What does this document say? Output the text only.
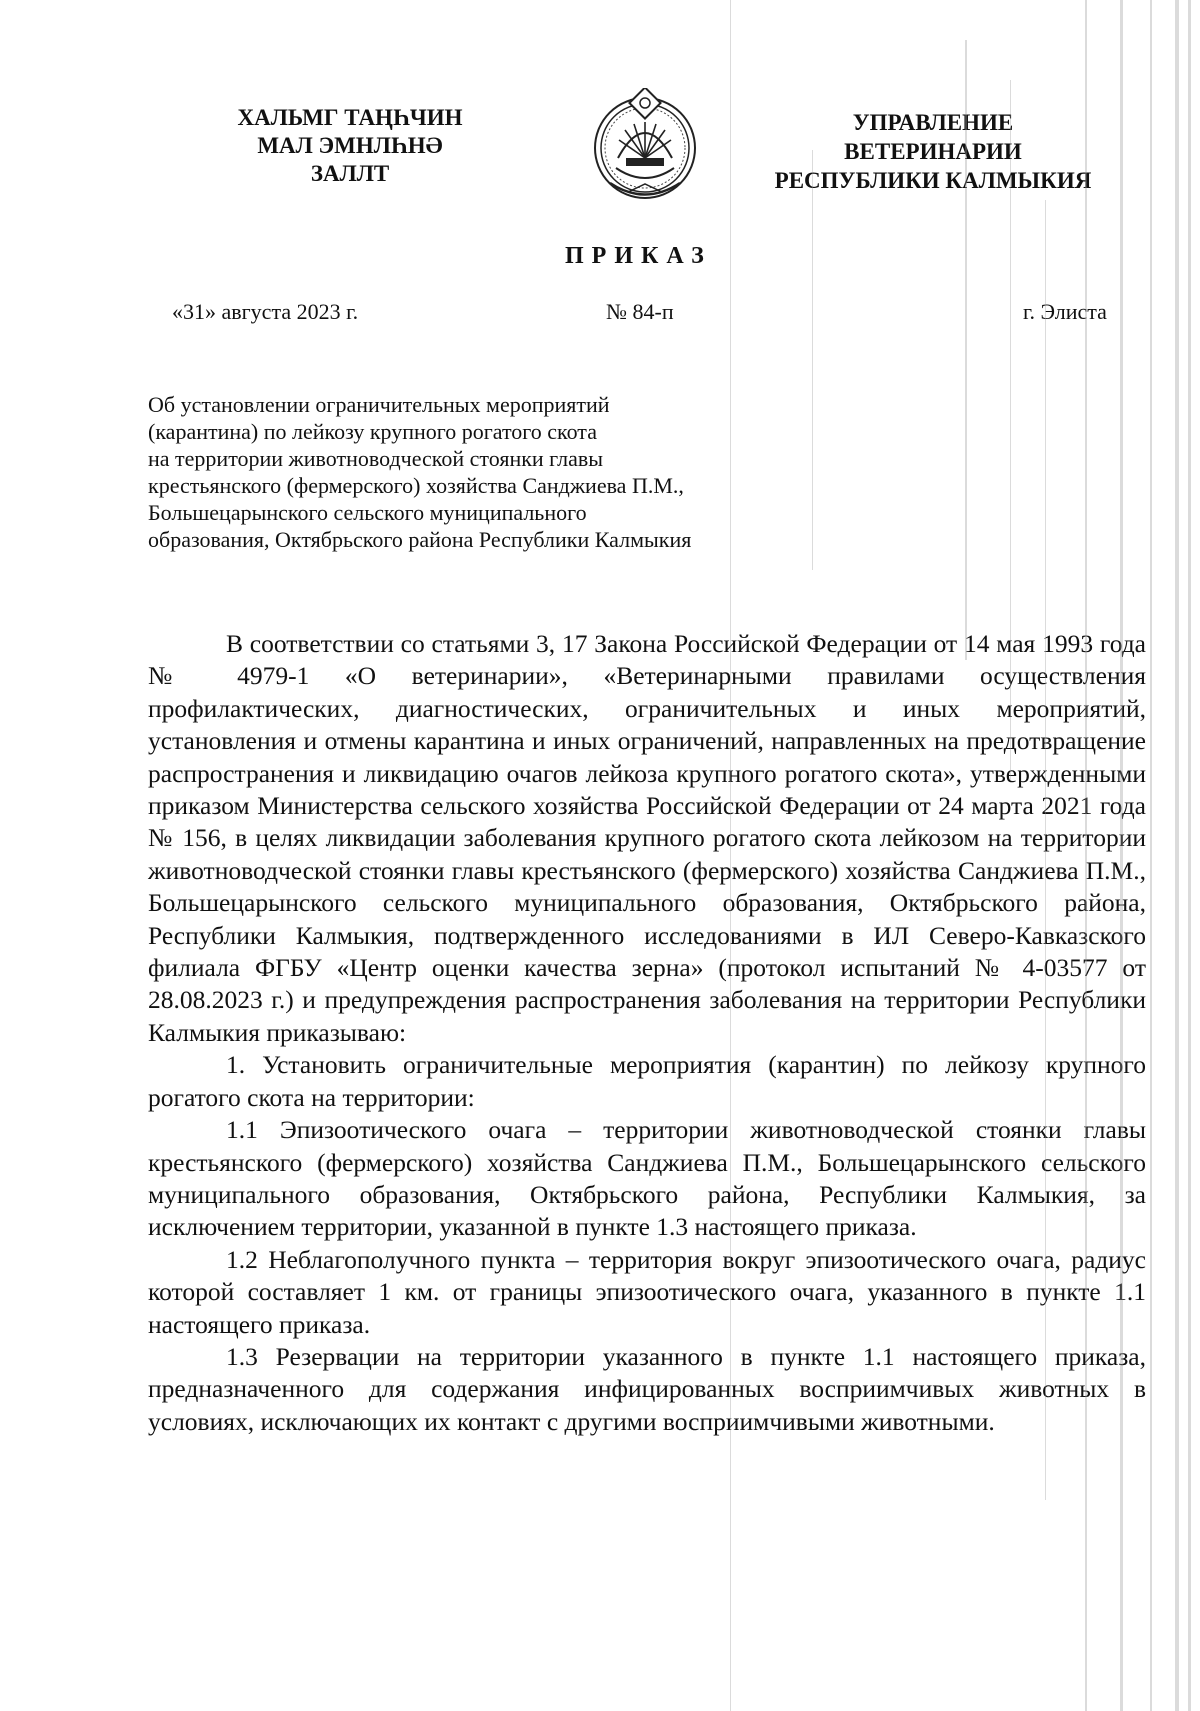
ХАЛЬМГ ТАҢҺЧИН
МАЛ ЭМНЛҺНӘ
ЗАЛЛТ
УПРАВЛЕНИЕ
ВЕТЕРИНАРИИ
РЕСПУБЛИКИ КАЛМЫКИЯ
ПРИКАЗ
«31» августа 2023 г.	№ 84-п	г. Элиста
Об установлении ограничительных мероприятий
(карантина) по лейкозу крупного рогатого скота
на территории животноводческой стоянки главы
крестьянского (фермерского) хозяйства Санджиева П.М.,
Большецарынского сельского муниципального
образования, Октябрьского района Республики Калмыкия
В соответствии со статьями 3, 17 Закона Российской Федерации от 14 мая 1993 года № 4979-1 «О ветеринарии», «Ветеринарными правилами осуществления профилактических, диагностических, ограничительных и иных мероприятий, установления и отмены карантина и иных ограничений, направленных на предотвращение распространения и ликвидацию очагов лейкоза крупного рогатого скота», утвержденными приказом Министерства сельского хозяйства Российской Федерации от 24 марта 2021 года № 156, в целях ликвидации заболевания крупного рогатого скота лейкозом на территории животноводческой стоянки главы крестьянского (фермерского) хозяйства Санджиева П.М., Большецарынского сельского муниципального образования, Октябрьского района, Республики Калмыкия, подтвержденного исследованиями в ИЛ Северо-Кавказского филиала ФГБУ «Центр оценки качества зерна» (протокол испытаний № 4-03577 от 28.08.2023 г.) и предупреждения распространения заболевания на территории Республики Калмыкия приказываю:
1. Установить ограничительные мероприятия (карантин) по лейкозу крупного рогатого скота на территории:
1.1 Эпизоотического очага – территории животноводческой стоянки главы крестьянского (фермерского) хозяйства Санджиева П.М., Большецарынского сельского муниципального образования, Октябрьского района, Республики Калмыкия, за исключением территории, указанной в пункте 1.3 настоящего приказа.
1.2 Неблагополучного пункта – территория вокруг эпизоотического очага, радиус которой составляет 1 км. от границы эпизоотического очага, указанного в пункте 1.1 настоящего приказа.
1.3 Резервации на территории указанного в пункте 1.1 настоящего приказа, предназначенного для содержания инфицированных восприимчивых животных в условиях, исключающих их контакт с другими восприимчивыми животными.
